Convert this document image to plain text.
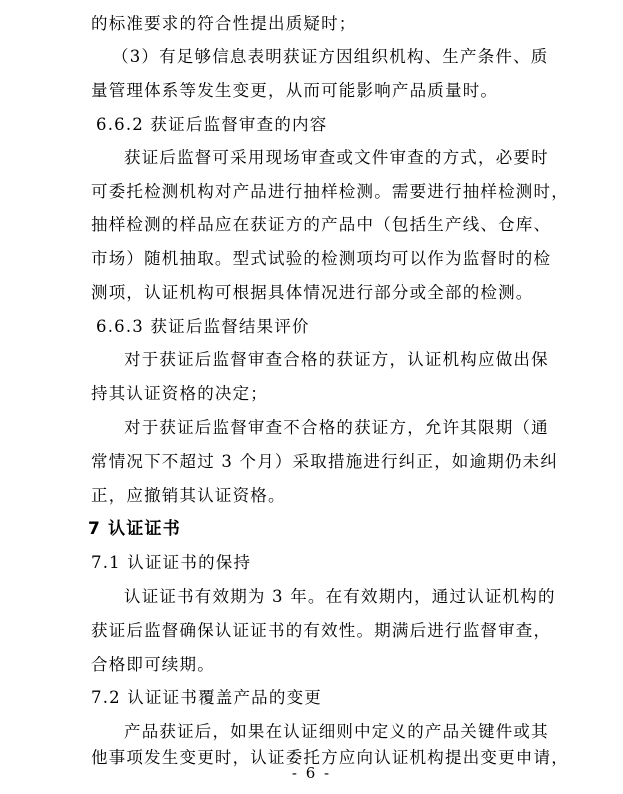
的标准要求的符合性提出质疑时；
（3）有足够信息表明获证方因组织机构、生产条件、质
量管理体系等发生变更，从而可能影响产品质量时。
6.6.2 获证后监督审查的内容
获证后监督可采用现场审查或文件审查的方式，必要时
可委托检测机构对产品进行抽样检测。需要进行抽样检测时，
抽样检测的样品应在获证方的产品中（包括生产线、仓库、
市场）随机抽取。型式试验的检测项均可以作为监督时的检
测项，认证机构可根据具体情况进行部分或全部的检测。
6.6.3 获证后监督结果评价
对于获证后监督审查合格的获证方，认证机构应做出保
持其认证资格的决定；
对于获证后监督审查不合格的获证方，允许其限期（通
常情况下不超过 3 个月）采取措施进行纠正，如逾期仍未纠
正，应撤销其认证资格。
7 认证证书
7.1 认证证书的保持
认证证书有效期为 3 年。在有效期内，通过认证机构的
获证后监督确保认证证书的有效性。期满后进行监督审查，
合格即可续期。
7.2 认证证书覆盖产品的变更
产品获证后，如果在认证细则中定义的产品关键件或其
他事项发生变更时，认证委托方应向认证机构提出变更申请，
- 6 -
